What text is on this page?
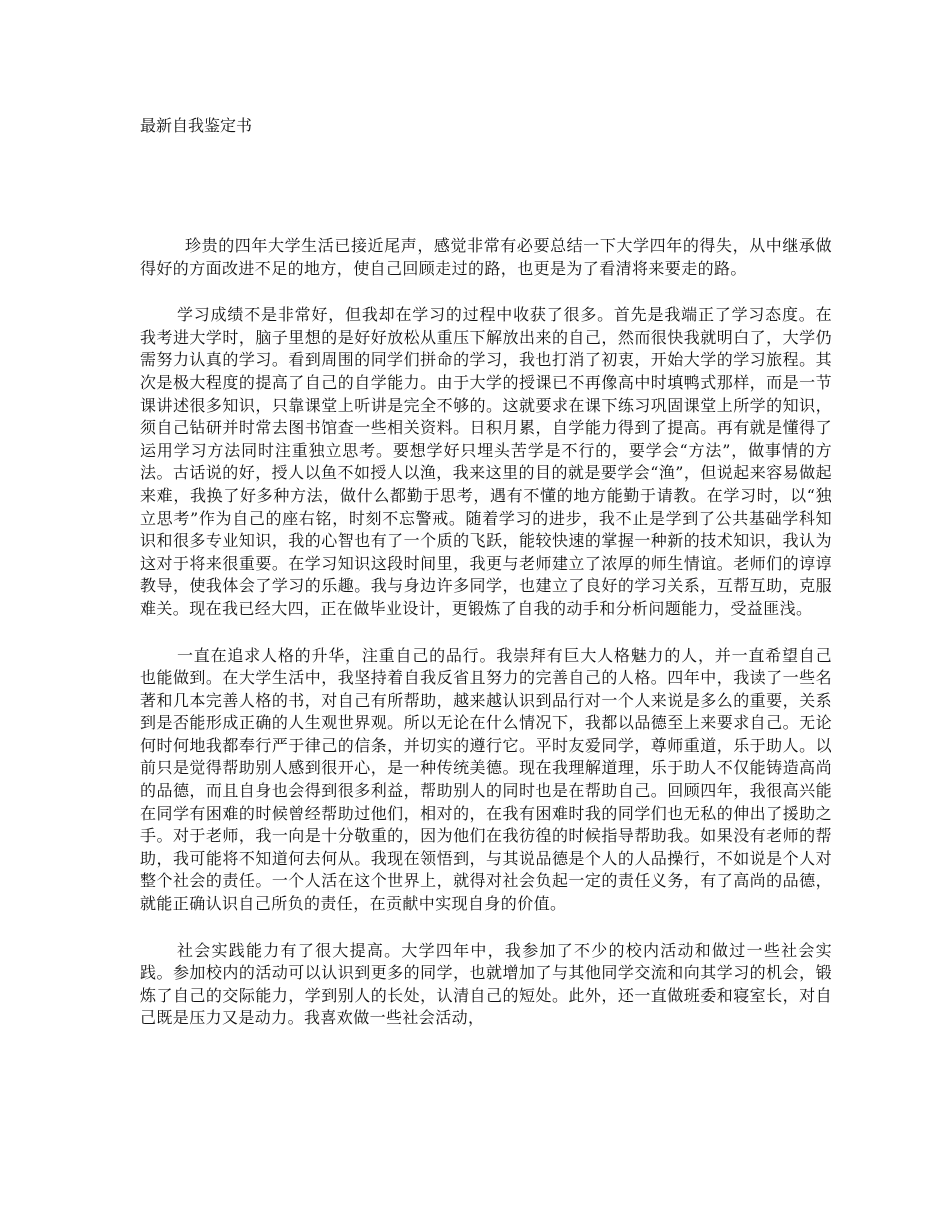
最新自我鉴定书

珍贵的四年大学生活已接近尾声，感觉非常有必要总结一下大学四年的得失，从中继承做得好的方面改进不足的地方，使自己回顾走过的路，也更是为了看清将来要走的路。

学习成绩不是非常好，但我却在学习的过程中收获了很多。首先是我端正了学习态度。在我考进大学时，脑子里想的是好好放松从重压下解放出来的自己，然而很快我就明白了，大学仍需努力认真的学习。看到周围的同学们拼命的学习，我也打消了初衷，开始大学的学习旅程。其次是极大程度的提高了自己的自学能力。由于大学的授课已不再像高中时填鸭式那样，而是一节课讲述很多知识，只靠课堂上听讲是完全不够的。这就要求在课下练习巩固课堂上所学的知识，须自己钻研并时常去图书馆查一些相关资料。日积月累，自学能力得到了提高。再有就是懂得了运用学习方法同时注重独立思考。要想学好只埋头苦学是不行的，要学会“方法”，做事情的方法。古话说的好，授人以鱼不如授人以渔，我来这里的目的就是要学会“渔”，但说起来容易做起来难，我换了好多种方法，做什么都勤于思考，遇有不懂的地方能勤于请教。在学习时，以“独立思考”作为自己的座右铭，时刻不忘警戒。随着学习的进步，我不止是学到了公共基础学科知识和很多专业知识，我的心智也有了一个质的飞跃，能较快速的掌握一种新的技术知识，我认为这对于将来很重要。在学习知识这段时间里，我更与老师建立了浓厚的师生情谊。老师们的谆谆教导，使我体会了学习的乐趣。我与身边许多同学，也建立了良好的学习关系，互帮互助，克服难关。现在我已经大四，正在做毕业设计，更锻炼了自我的动手和分析问题能力，受益匪浅。

一直在追求人格的升华，注重自己的品行。我崇拜有巨大人格魅力的人，并一直希望自己也能做到。在大学生活中，我坚持着自我反省且努力的完善自己的人格。四年中，我读了一些名著和几本完善人格的书，对自己有所帮助，越来越认识到品行对一个人来说是多么的重要，关系到是否能形成正确的人生观世界观。所以无论在什么情况下，我都以品德至上来要求自己。无论何时何地我都奉行严于律己的信条，并切实的遵行它。平时友爱同学，尊师重道，乐于助人。以前只是觉得帮助别人感到很开心，是一种传统美德。现在我理解道理，乐于助人不仅能铸造高尚的品德，而且自身也会得到很多利益，帮助别人的同时也是在帮助自己。回顾四年，我很高兴能在同学有困难的时候曾经帮助过他们，相对的，在我有困难时我的同学们也无私的伸出了援助之手。对于老师，我一向是十分敬重的，因为他们在我彷徨的时候指导帮助我。如果没有老师的帮助，我可能将不知道何去何从。我现在领悟到，与其说品德是个人的人品操行，不如说是个人对整个社会的责任。一个人活在这个世界上，就得对社会负起一定的责任义务，有了高尚的品德，就能正确认识自己所负的责任，在贡献中实现自身的价值。

社会实践能力有了很大提高。大学四年中，我参加了不少的校内活动和做过一些社会实践。参加校内的活动可以认识到更多的同学，也就增加了与其他同学交流和向其学习的机会，锻炼了自己的交际能力，学到别人的长处，认清自己的短处。此外，还一直做班委和寝室长，对自己既是压力又是动力。我喜欢做一些社会活动，
